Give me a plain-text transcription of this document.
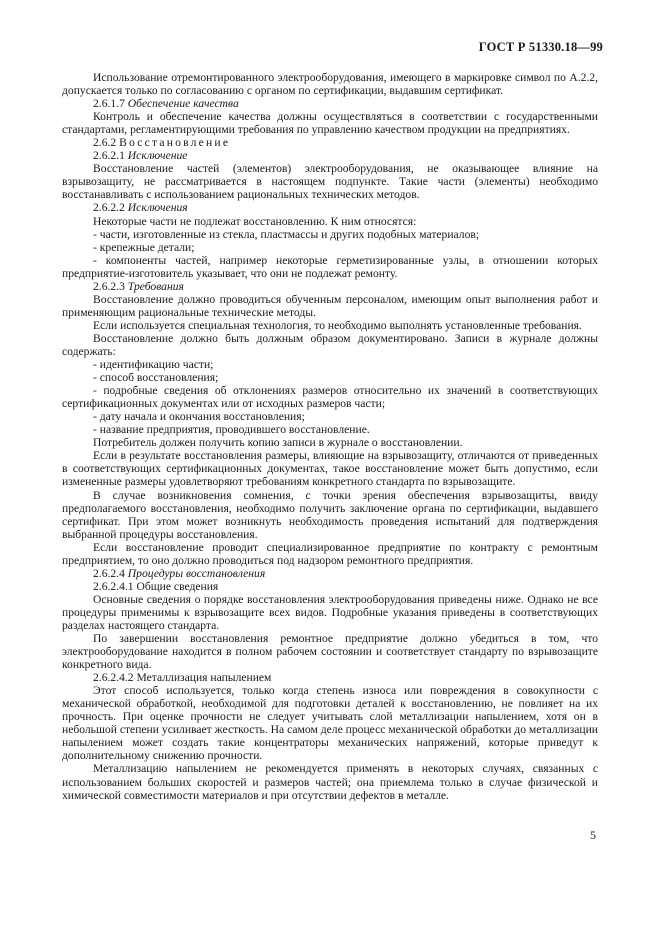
ГОСТ Р 51330.18—99

Использование отремонтированного электрооборудования, имеющего в маркировке символ по А.2.2, допускается только по согласованию с органом по сертификации, выдавшим сертификат.

2.6.1.7 Обеспечение качества

Контроль и обеспечение качества должны осуществляться в соответствии с государственными стандартами, регламентирующими требования по управлению качеством продукции на предприятиях.

2.6.2 Восстановление

2.6.2.1 Исключение

Восстановление частей (элементов) электрооборудования, не оказывающее влияние на взрывозащиту, не рассматривается в настоящем подпункте. Такие части (элементы) необходимо восстанавливать с использованием рациональных технических методов.

2.6.2.2 Исключения

Некоторые части не подлежат восстановлению. К ним относятся:

- части, изготовленные из стекла, пластмассы и других подобных материалов;

- крепежные детали;

- компоненты частей, например некоторые герметизированные узлы, в отношении которых предприятие-изготовитель указывает, что они не подлежат ремонту.

2.6.2.3 Требования

Восстановление должно проводиться обученным персоналом, имеющим опыт выполнения работ и применяющим рациональные технические методы.

Если используется специальная технология, то необходимо выполнять установленные требования.

Восстановление должно быть должным образом документировано. Записи в журнале должны содержать:

- идентификацию части;

- способ восстановления;

- подробные сведения об отклонениях размеров относительно их значений в соответствующих сертификационных документах или от исходных размеров части;

- дату начала и окончания восстановления;

- название предприятия, проводившего восстановление.

Потребитель должен получить копию записи в журнале о восстановлении.

Если в результате восстановления размеры, влияющие на взрывозащиту, отличаются от приведенных в соответствующих сертификационных документах, такое восстановление может быть допустимо, если измененные размеры удовлетворяют требованиям конкретного стандарта по взрывозащите.

В случае возникновения сомнения, с точки зрения обеспечения взрывозащиты, ввиду предполагаемого восстановления, необходимо получить заключение органа по сертификации, выдавшего сертификат. При этом может возникнуть необходимость проведения испытаний для подтверждения выбранной процедуры восстановления.

Если восстановление проводит специализированное предприятие по контракту с ремонтным предприятием, то оно должно проводиться под надзором ремонтного предприятия.

2.6.2.4 Процедуры восстановления

2.6.2.4.1 Общие сведения

Основные сведения о порядке восстановления электрооборудования приведены ниже. Однако не все процедуры применимы к взрывозащите всех видов. Подробные указания приведены в соответствующих разделах настоящего стандарта.

По завершении восстановления ремонтное предприятие должно убедиться в том, что электрооборудование находится в полном рабочем состоянии и соответствует стандарту по взрывозащите конкретного вида.

2.6.2.4.2 Металлизация напылением

Этот способ используется, только когда степень износа или повреждения в совокупности с механической обработкой, необходимой для подготовки деталей к восстановлению, не повлияет на их прочность. При оценке прочности не следует учитывать слой металлизации напылением, хотя он в небольшой степени усиливает жесткость. На самом деле процесс механической обработки до металлизации напылением может создать такие концентраторы механических напряжений, которые приведут к дополнительному снижению прочности.

Металлизацию напылением не рекомендуется применять в некоторых случаях, связанных с использованием больших скоростей и размеров частей; она приемлема только в случае физической и химической совместимости материалов и при отсутствии дефектов в металле.

5
